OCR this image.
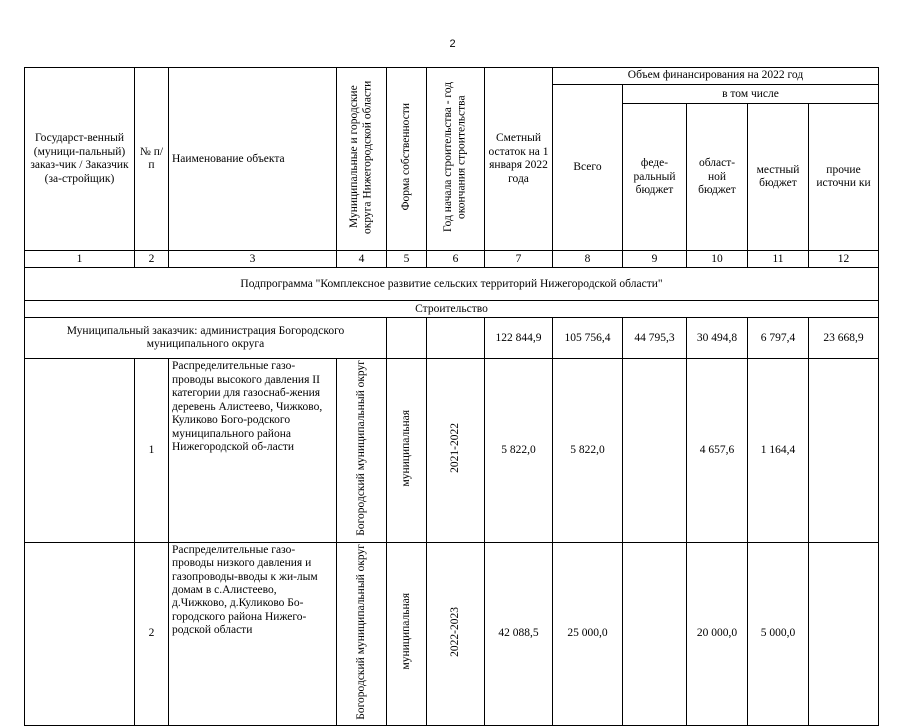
2
Государст-венный (муници-пальный) заказ-чик / Заказчик (за-стройщик)	№ п/п	Наименование объекта	Муниципальные и городские округа Нижегородской области	Форма собственности	Год начала строительства - год окончания строительства	Сметный остаток на 1 января 2022 года	Объем финансирования на 2022 год				
							Всего	в том числе			
								феде-ральный бюджет	област-ной бюджет	местный бюджет	прочие источни ки
1	2	3	4	5	6	7	8	9	10	11	12
Подпрограмма "Комплексное развитие сельских территорий Нижегородской области"											
Строительство											
Муниципальный заказчик: администрация Богородского муниципального округа						122 844,9	105 756,4	44 795,3	30 494,8	6 797,4	23 668,9
	1	Распределительные газо-проводы высокого давления II категории для газоснаб-жения деревень Алистеево, Чижково, Куликово Бого-родского муниципального района Нижегородской об-ласти	Богородский муниципальный округ	муниципальная	2021-2022	5 822,0	5 822,0		4 657,6	1 164,4	
	2	Распределительные газо-проводы низкого давления и газопроводы-вводы к жи-лым домам в с.Алистеево, д.Чижково, д.Куликово Бо-городского района Нижего-родской области	Богородский муниципальный округ	муниципальная	2022-2023	42 088,5	25 000,0		20 000,0	5 000,0	
